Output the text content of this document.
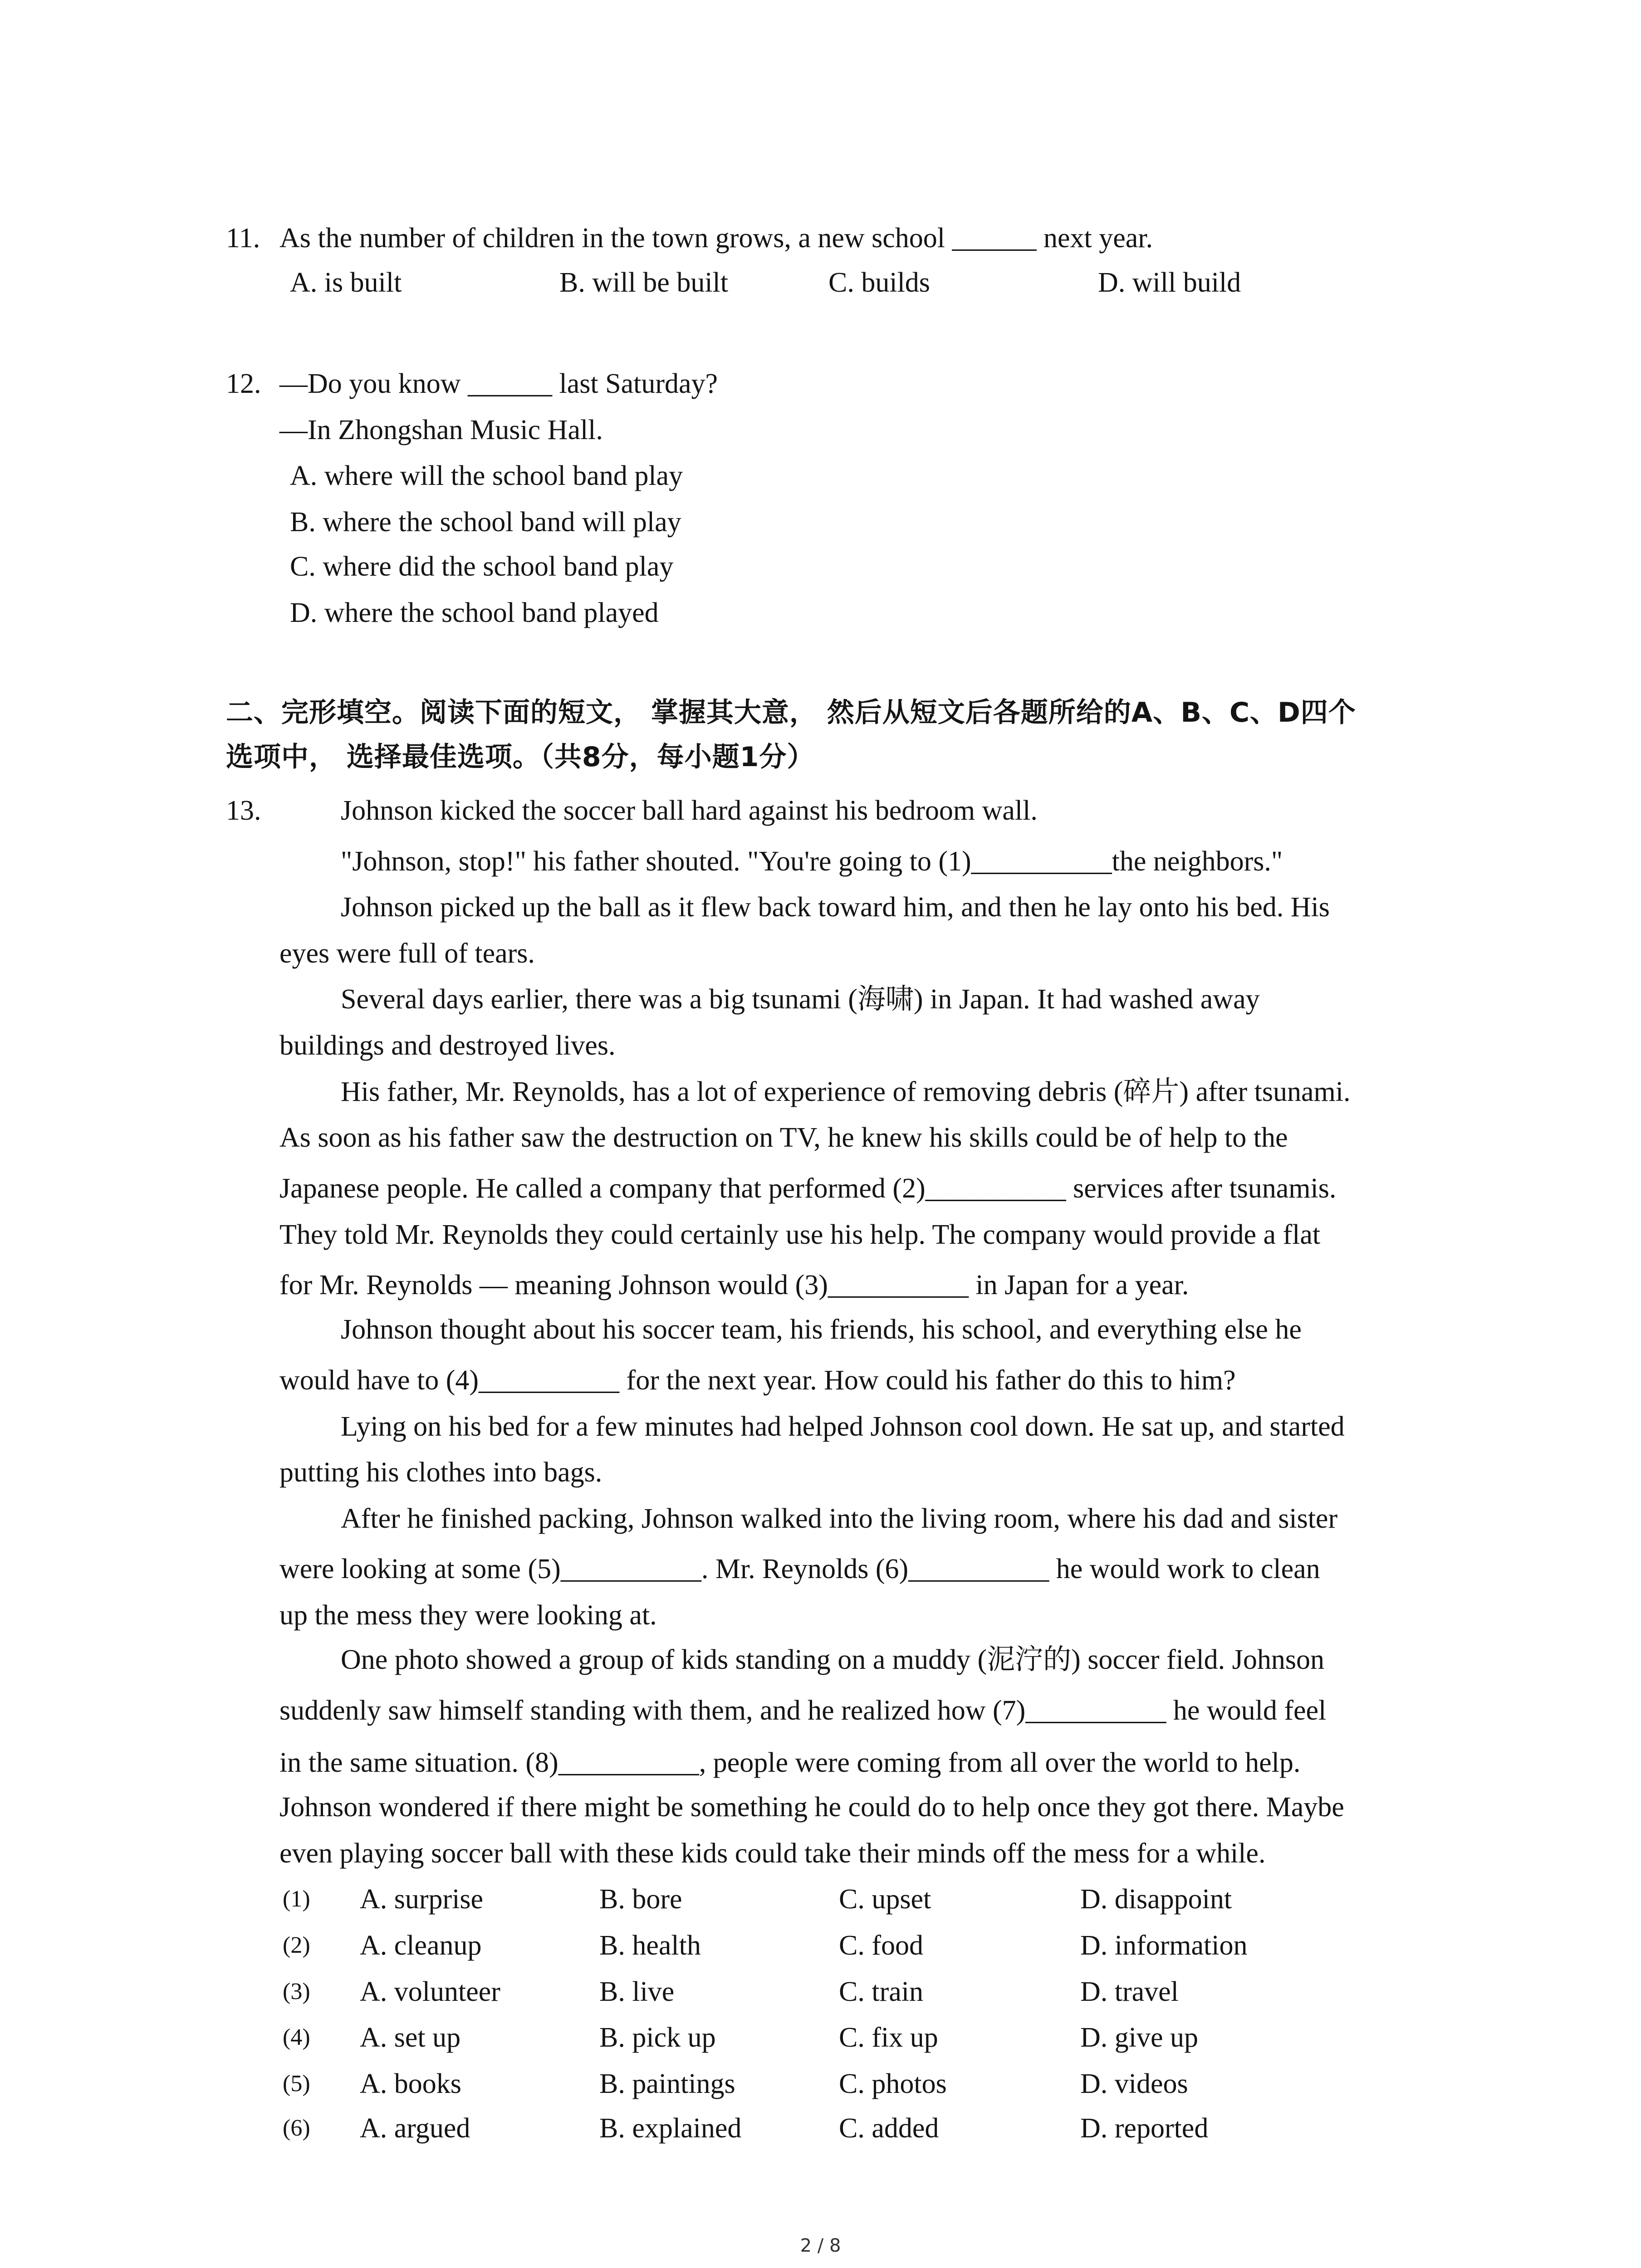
11. As the number of children in the town grows, a new school ______ next year.
A. is built	B. will be built	C. builds	D. will build
12. —Do you know ______ last Saturday?
—In Zhongshan Music Hall.
A. where will the school band play
B. where the school band will play
C. where did the school band play
D. where the school band played
二、完形填空。阅读下面的短文， 掌握其大意， 然后从短文后各题所给的A、B、C、D四个
选项中， 选择最佳选项。（共8分，每小题1分）
13.	Johnson kicked the soccer ball hard against his bedroom wall.
"Johnson, stop!" his father shouted. "You're going to (1)__________the neighbors."
Johnson picked up the ball as it flew back toward him, and then he lay onto his bed. His
eyes were full of tears.
Several days earlier, there was a big tsunami (海啸) in Japan. It had washed away
buildings and destroyed lives.
His father, Mr. Reynolds, has a lot of experience of removing debris (碎片) after tsunami.
As soon as his father saw the destruction on TV, he knew his skills could be of help to the
Japanese people. He called a company that performed (2)__________ services after tsunamis.
They told Mr. Reynolds they could certainly use his help. The company would provide a flat
for Mr. Reynolds — meaning Johnson would (3)__________ in Japan for a year.
Johnson thought about his soccer team, his friends, his school, and everything else he
would have to (4)__________ for the next year. How could his father do this to him?
Lying on his bed for a few minutes had helped Johnson cool down. He sat up, and started
putting his clothes into bags.
After he finished packing, Johnson walked into the living room, where his dad and sister
were looking at some (5)__________. Mr. Reynolds (6)__________ he would work to clean
up the mess they were looking at.
One photo showed a group of kids standing on a muddy (泥泞的) soccer field. Johnson
suddenly saw himself standing with them, and he realized how (7)__________ he would feel
in the same situation. (8)__________, people were coming from all over the world to help.
Johnson wondered if there might be something he could do to help once they got there. Maybe
even playing soccer ball with these kids could take their minds off the mess for a while.
(1) A. surprise	B. bore	C. upset	D. disappoint
(2) A. cleanup	B. health	C. food	D. information
(3) A. volunteer	B. live	C. train	D. travel
(4) A. set up	B. pick up	C. fix up	D. give up
(5) A. books	B. paintings	C. photos	D. videos
(6) A. argued	B. explained	C. added	D. reported
2 / 8
